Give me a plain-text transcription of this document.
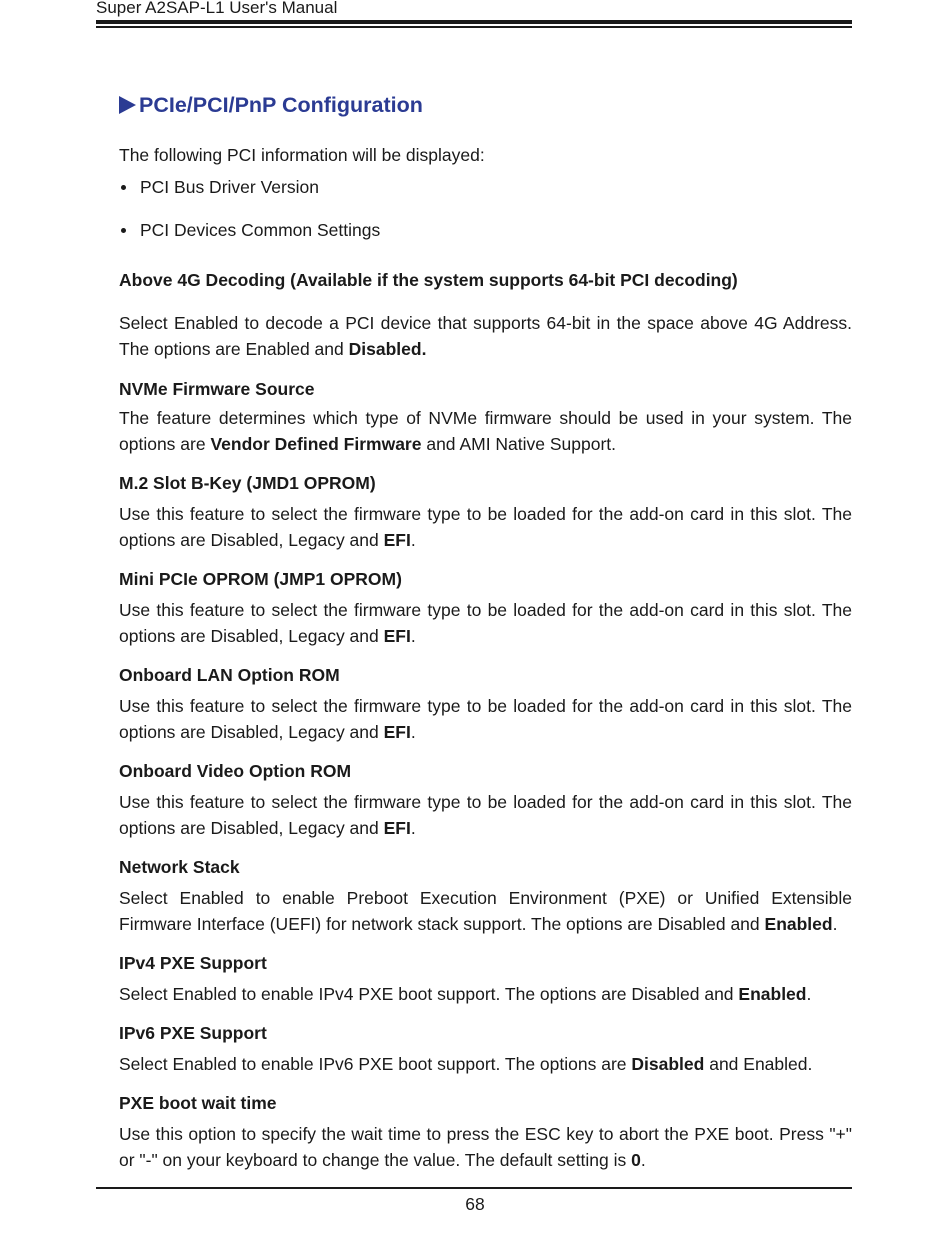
Super A2SAP-L1 User's Manual
PCIe/PCI/PnP Configuration

The following PCI information will be displayed:

PCI Bus Driver Version
PCI Devices Common Settings

Above 4G Decoding (Available if the system supports 64-bit PCI decoding)

Select Enabled to decode a PCI device that supports 64-bit in the space above 4G Address. The options are Enabled and Disabled.

NVMe Firmware Source

The feature determines which type of NVMe firmware should be used in your system. The options are Vendor Defined Firmware and AMI Native Support.

M.2 Slot B-Key (JMD1 OPROM)

Use this feature to select the firmware type to be loaded for the add-on card in this slot. The options are Disabled, Legacy and EFI.

Mini PCIe OPROM (JMP1 OPROM)

Use this feature to select the firmware type to be loaded for the add-on card in this slot. The options are Disabled, Legacy and EFI.

Onboard LAN Option ROM

Use this feature to select the firmware type to be loaded for the add-on card in this slot. The options are Disabled, Legacy and EFI.

Onboard Video Option ROM

Use this feature to select the firmware type to be loaded for the add-on card in this slot. The options are Disabled, Legacy and EFI.

Network Stack

Select Enabled to enable Preboot Execution Environment (PXE) or Unified Extensible Firmware Interface (UEFI) for network stack support. The options are Disabled and Enabled.

IPv4 PXE Support

Select Enabled to enable IPv4 PXE boot support. The options are Disabled and Enabled.

IPv6 PXE Support

Select Enabled to enable IPv6 PXE boot support. The options are Disabled and Enabled.

PXE boot wait time

Use this option to specify the wait time to press the ESC key to abort the PXE boot. Press "+" or "-" on your keyboard to change the value. The default setting is 0.

68
